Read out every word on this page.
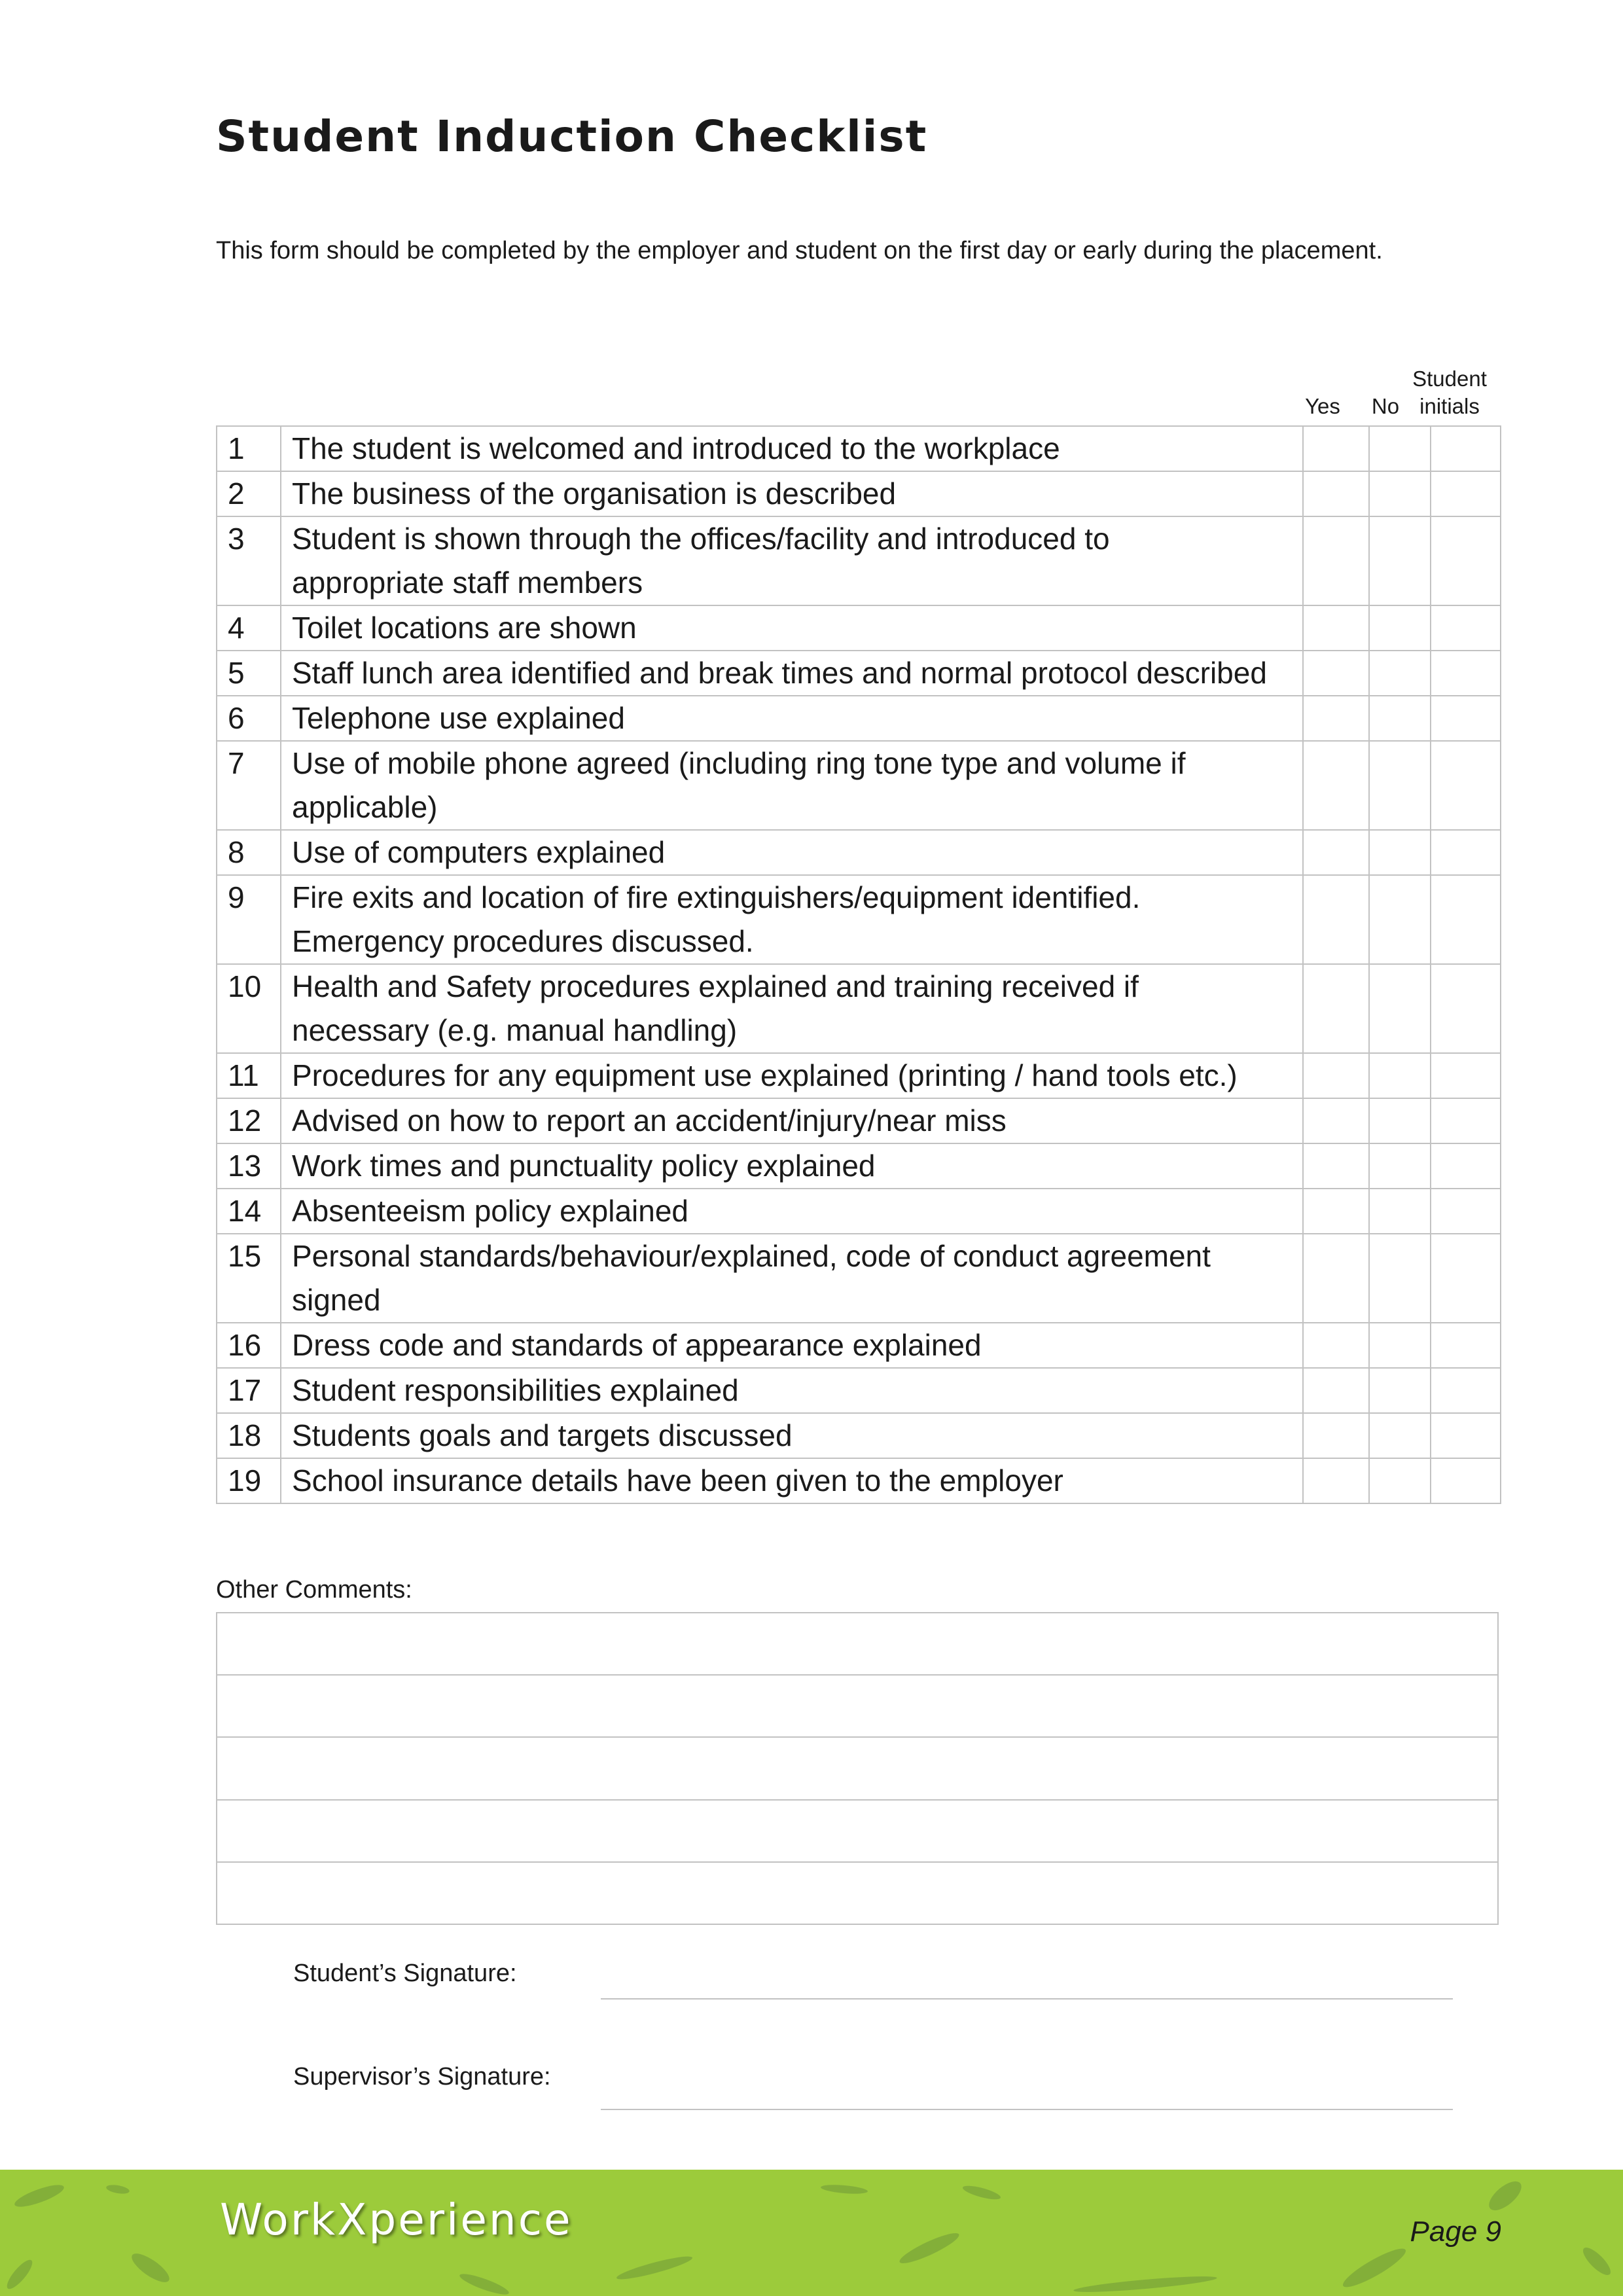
Student Induction Checklist
This form should be completed by the employer and student on the first day or early during the placement.
Yes	No
Student
initials
1	The student is welcomed and introduced to the workplace			

2	The business of the organisation is described			

3	Student is shown through the offices/facility and introduced to
appropriate staff members			

4	Toilet locations are shown			

5	Staff lunch area identified and break times and normal protocol described			

6	Telephone use explained			

7	Use of mobile phone agreed (including ring tone type and volume if
applicable)			

8	Use of computers explained			

9	Fire exits and location of fire extinguishers/equipment identified.
Emergency procedures discussed.			

10	Health and Safety procedures explained and training received if
necessary (e.g. manual handling)			

11	Procedures for any equipment use explained (printing / hand tools etc.)			

12	Advised on how to report an accident/injury/near miss			

13	Work times and punctuality policy explained			

14	Absenteeism policy explained			

15	Personal standards/behaviour/explained, code of conduct agreement
signed			

16	Dress code and standards of appearance explained			

17	Student responsibilities explained			

18	Students goals and targets discussed			

19	School insurance details have been given to the employer			

Other Comments:
Student’s Signature:
Supervisor’s Signature:
WorkXperience	Page 9
